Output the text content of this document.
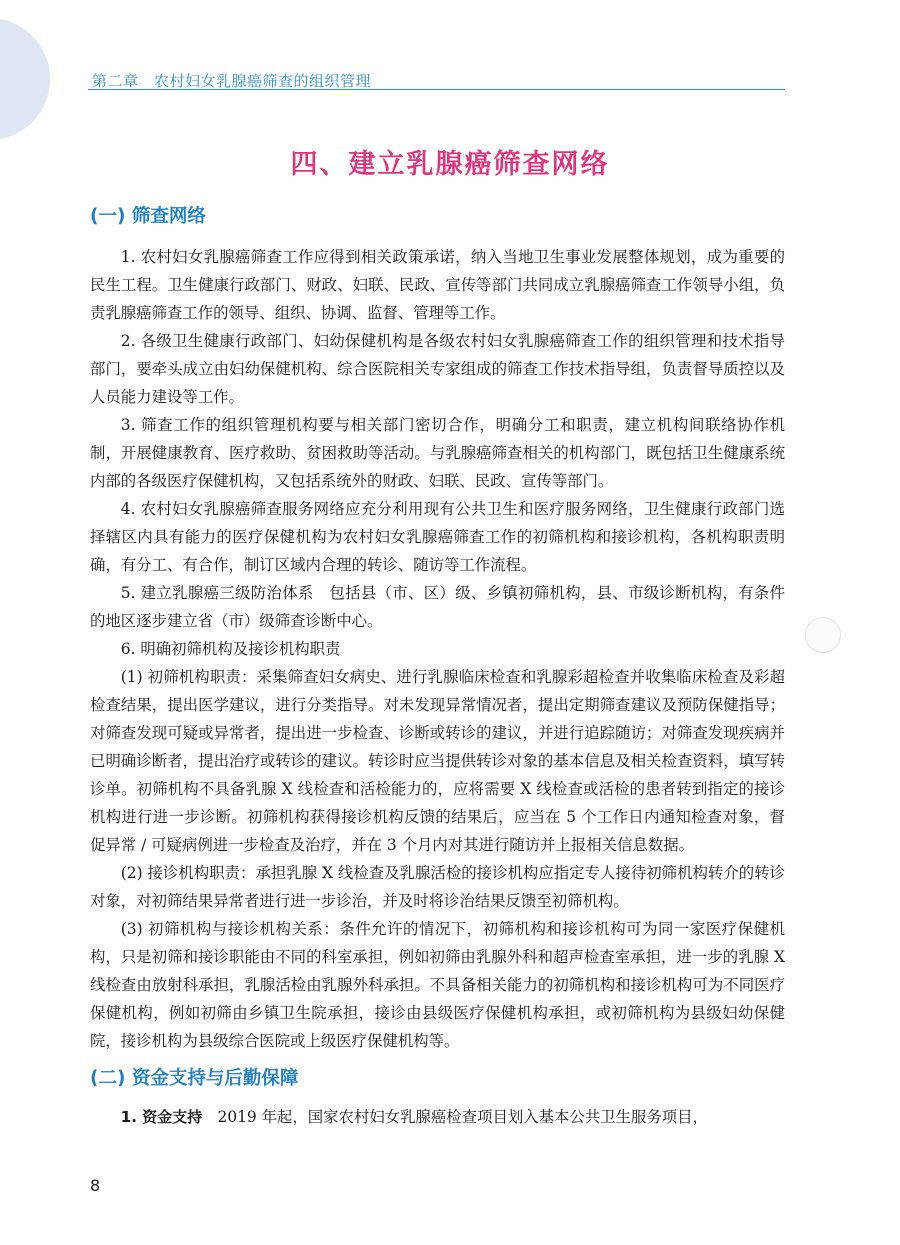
第二章　农村妇女乳腺癌筛查的组织管理
四、建立乳腺癌筛查网络
(一) 筛查网络

1. 农村妇女乳腺癌筛查工作应得到相关政策承诺，纳入当地卫生事业发展整体规划，成为重要的民生工程。卫生健康行政部门、财政、妇联、民政、宣传等部门共同成立乳腺癌筛查工作领导小组，负责乳腺癌筛查工作的领导、组织、协调、监督、管理等工作。

2. 各级卫生健康行政部门、妇幼保健机构是各级农村妇女乳腺癌筛查工作的组织管理和技术指导部门，要牵头成立由妇幼保健机构、综合医院相关专家组成的筛查工作技术指导组，负责督导质控以及人员能力建设等工作。

3. 筛查工作的组织管理机构要与相关部门密切合作，明确分工和职责，建立机构间联络协作机制，开展健康教育、医疗救助、贫困救助等活动。与乳腺癌筛查相关的机构部门，既包括卫生健康系统内部的各级医疗保健机构，又包括系统外的财政、妇联、民政、宣传等部门。

4. 农村妇女乳腺癌筛查服务网络应充分利用现有公共卫生和医疗服务网络，卫生健康行政部门选择辖区内具有能力的医疗保健机构为农村妇女乳腺癌筛查工作的初筛机构和接诊机构，各机构职责明确，有分工、有合作，制订区域内合理的转诊、随访等工作流程。

5. 建立乳腺癌三级防治体系　包括县（市、区）级、乡镇初筛机构，县、市级诊断机构，有条件的地区逐步建立省（市）级筛查诊断中心。

6. 明确初筛机构及接诊机构职责

(1) 初筛机构职责：采集筛查妇女病史、进行乳腺临床检查和乳腺彩超检查并收集临床检查及彩超检查结果，提出医学建议，进行分类指导。对未发现异常情况者，提出定期筛查建议及预防保健指导；对筛查发现可疑或异常者，提出进一步检查、诊断或转诊的建议，并进行追踪随访；对筛查发现疾病并已明确诊断者，提出治疗或转诊的建议。转诊时应当提供转诊对象的基本信息及相关检查资料，填写转诊单。初筛机构不具备乳腺 X 线检查和活检能力的，应将需要 X 线检查或活检的患者转到指定的接诊机构进行进一步诊断。初筛机构获得接诊机构反馈的结果后，应当在 5 个工作日内通知检查对象，督促异常 / 可疑病例进一步检查及治疗，并在 3 个月内对其进行随访并上报相关信息数据。

(2) 接诊机构职责：承担乳腺 X 线检查及乳腺活检的接诊机构应指定专人接待初筛机构转介的转诊对象，对初筛结果异常者进行进一步诊治，并及时将诊治结果反馈至初筛机构。

(3) 初筛机构与接诊机构关系：条件允许的情况下，初筛机构和接诊机构可为同一家医疗保健机构，只是初筛和接诊职能由不同的科室承担，例如初筛由乳腺外科和超声检查室承担，进一步的乳腺 X 线检查由放射科承担，乳腺活检由乳腺外科承担。不具备相关能力的初筛机构和接诊机构可为不同医疗保健机构，例如初筛由乡镇卫生院承担，接诊由县级医疗保健机构承担，或初筛机构为县级妇幼保健院，接诊机构为县级综合医院或上级医疗保健机构等。

(二) 资金支持与后勤保障

1. 资金支持　2019 年起，国家农村妇女乳腺癌检查项目划入基本公共卫生服务项目，

8
